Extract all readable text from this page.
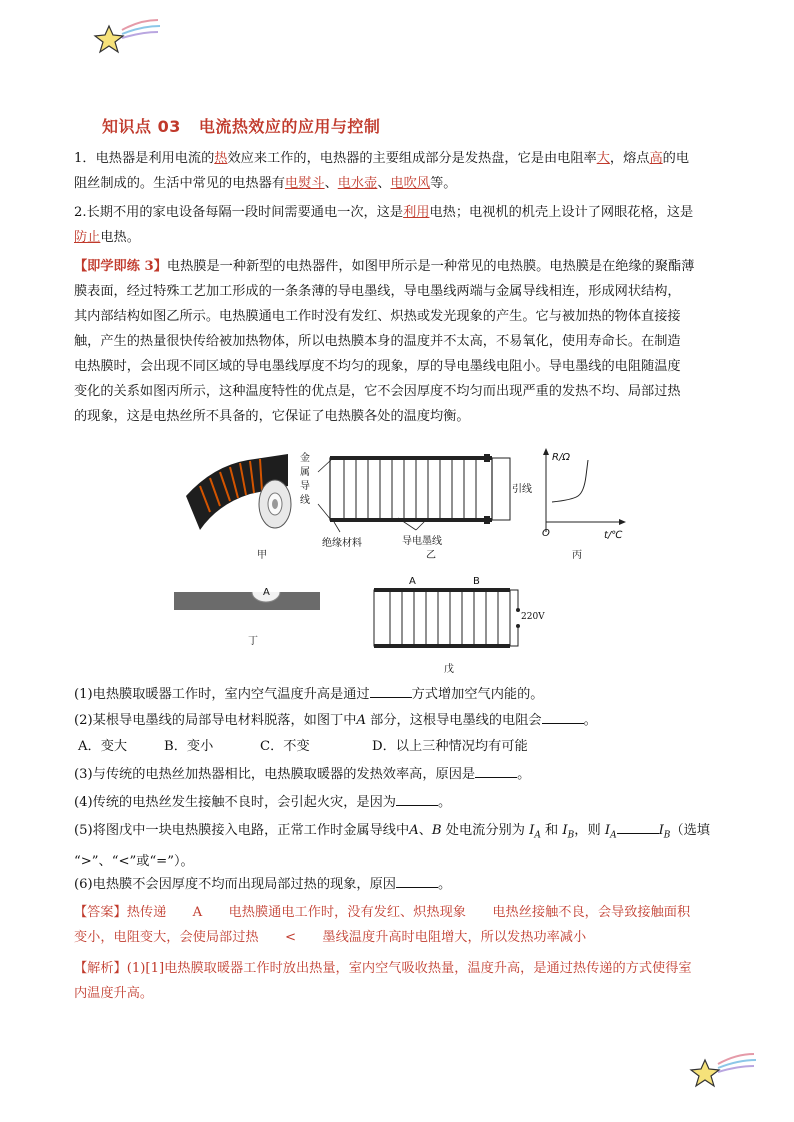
知识点 03 电流热效应的应用与控制
1．电热器是利用电流的热效应来工作的，电热器的主要组成部分是发热盘，它是由电阻率大，熔点高的电
阻丝制成的。生活中常见的电热器有电熨斗、电水壶、电吹风等。
2.长期不用的家电设备每隔一段时间需要通电一次，这是利用电热；电视机的机壳上设计了网眼花格，这是
防止电热。
【即学即练 3】电热膜是一种新型的电热器件，如图甲所示是一种常见的电热膜。电热膜是在绝缘的聚酯薄
膜表面，经过特殊工艺加工形成的一条条薄的导电墨线，导电墨线两端与金属导线相连，形成网状结构，
其内部结构如图乙所示。电热膜通电工作时没有发红、炽热或发光现象的产生。它与被加热的物体直接接
触，产生的热量很快传给被加热物体，所以电热膜本身的温度并不太高，不易氧化，使用寿命长。在制造
电热膜时，会出现不同区域的导电墨线厚度不均匀的现象，厚的导电墨线电阻小。导电墨线的电阻随温度
变化的关系如图丙所示，这种温度特性的优点是，它不会因厚度不均匀而出现严重的发热不均、局部过热
的现象，这是电热丝所不具备的，它保证了电热膜各处的温度均衡。
甲
金
属
导
线
引线
绝缘材料	导电墨线
乙
R/Ω
O	t/℃
丙
A
丁
A	B
220V
戊
(1)电热膜取暖器工作时，室内空气温度升高是通过	方式增加空气内能的。
(2)某根导电墨线的局部导电材料脱落，如图丁中A 部分，这根导电墨线的电阻会	。
A．变大	B．变小	C．不变	D．以上三种情况均有可能
(3)与传统的电热丝加热器相比，电热膜取暖器的发热效率高，原因是	。
(4)传统的电热丝发生接触不良时，会引起火灾，是因为	。
(5)将图戊中一块电热膜接入电路，正常工作时金属导线中A、B 处电流分别为 $I_A$ 和 $I_B$，则 $I_A$	$I_B$（选填
“>”、“<”或“=”）。
(6)电热膜不会因厚度不均而出现局部过热的现象，原因	。
【答案】热传递　　A　　电热膜通电工作时，没有发红、炽热现象　　电热丝接触不良，会导致接触面积
变小，电阻变大，会使局部过热　　<　　墨线温度升高时电阻增大，所以发热功率减小
【解析】(1)[1]电热膜取暖器工作时放出热量，室内空气吸收热量，温度升高，是通过热传递的方式使得室
内温度升高。
